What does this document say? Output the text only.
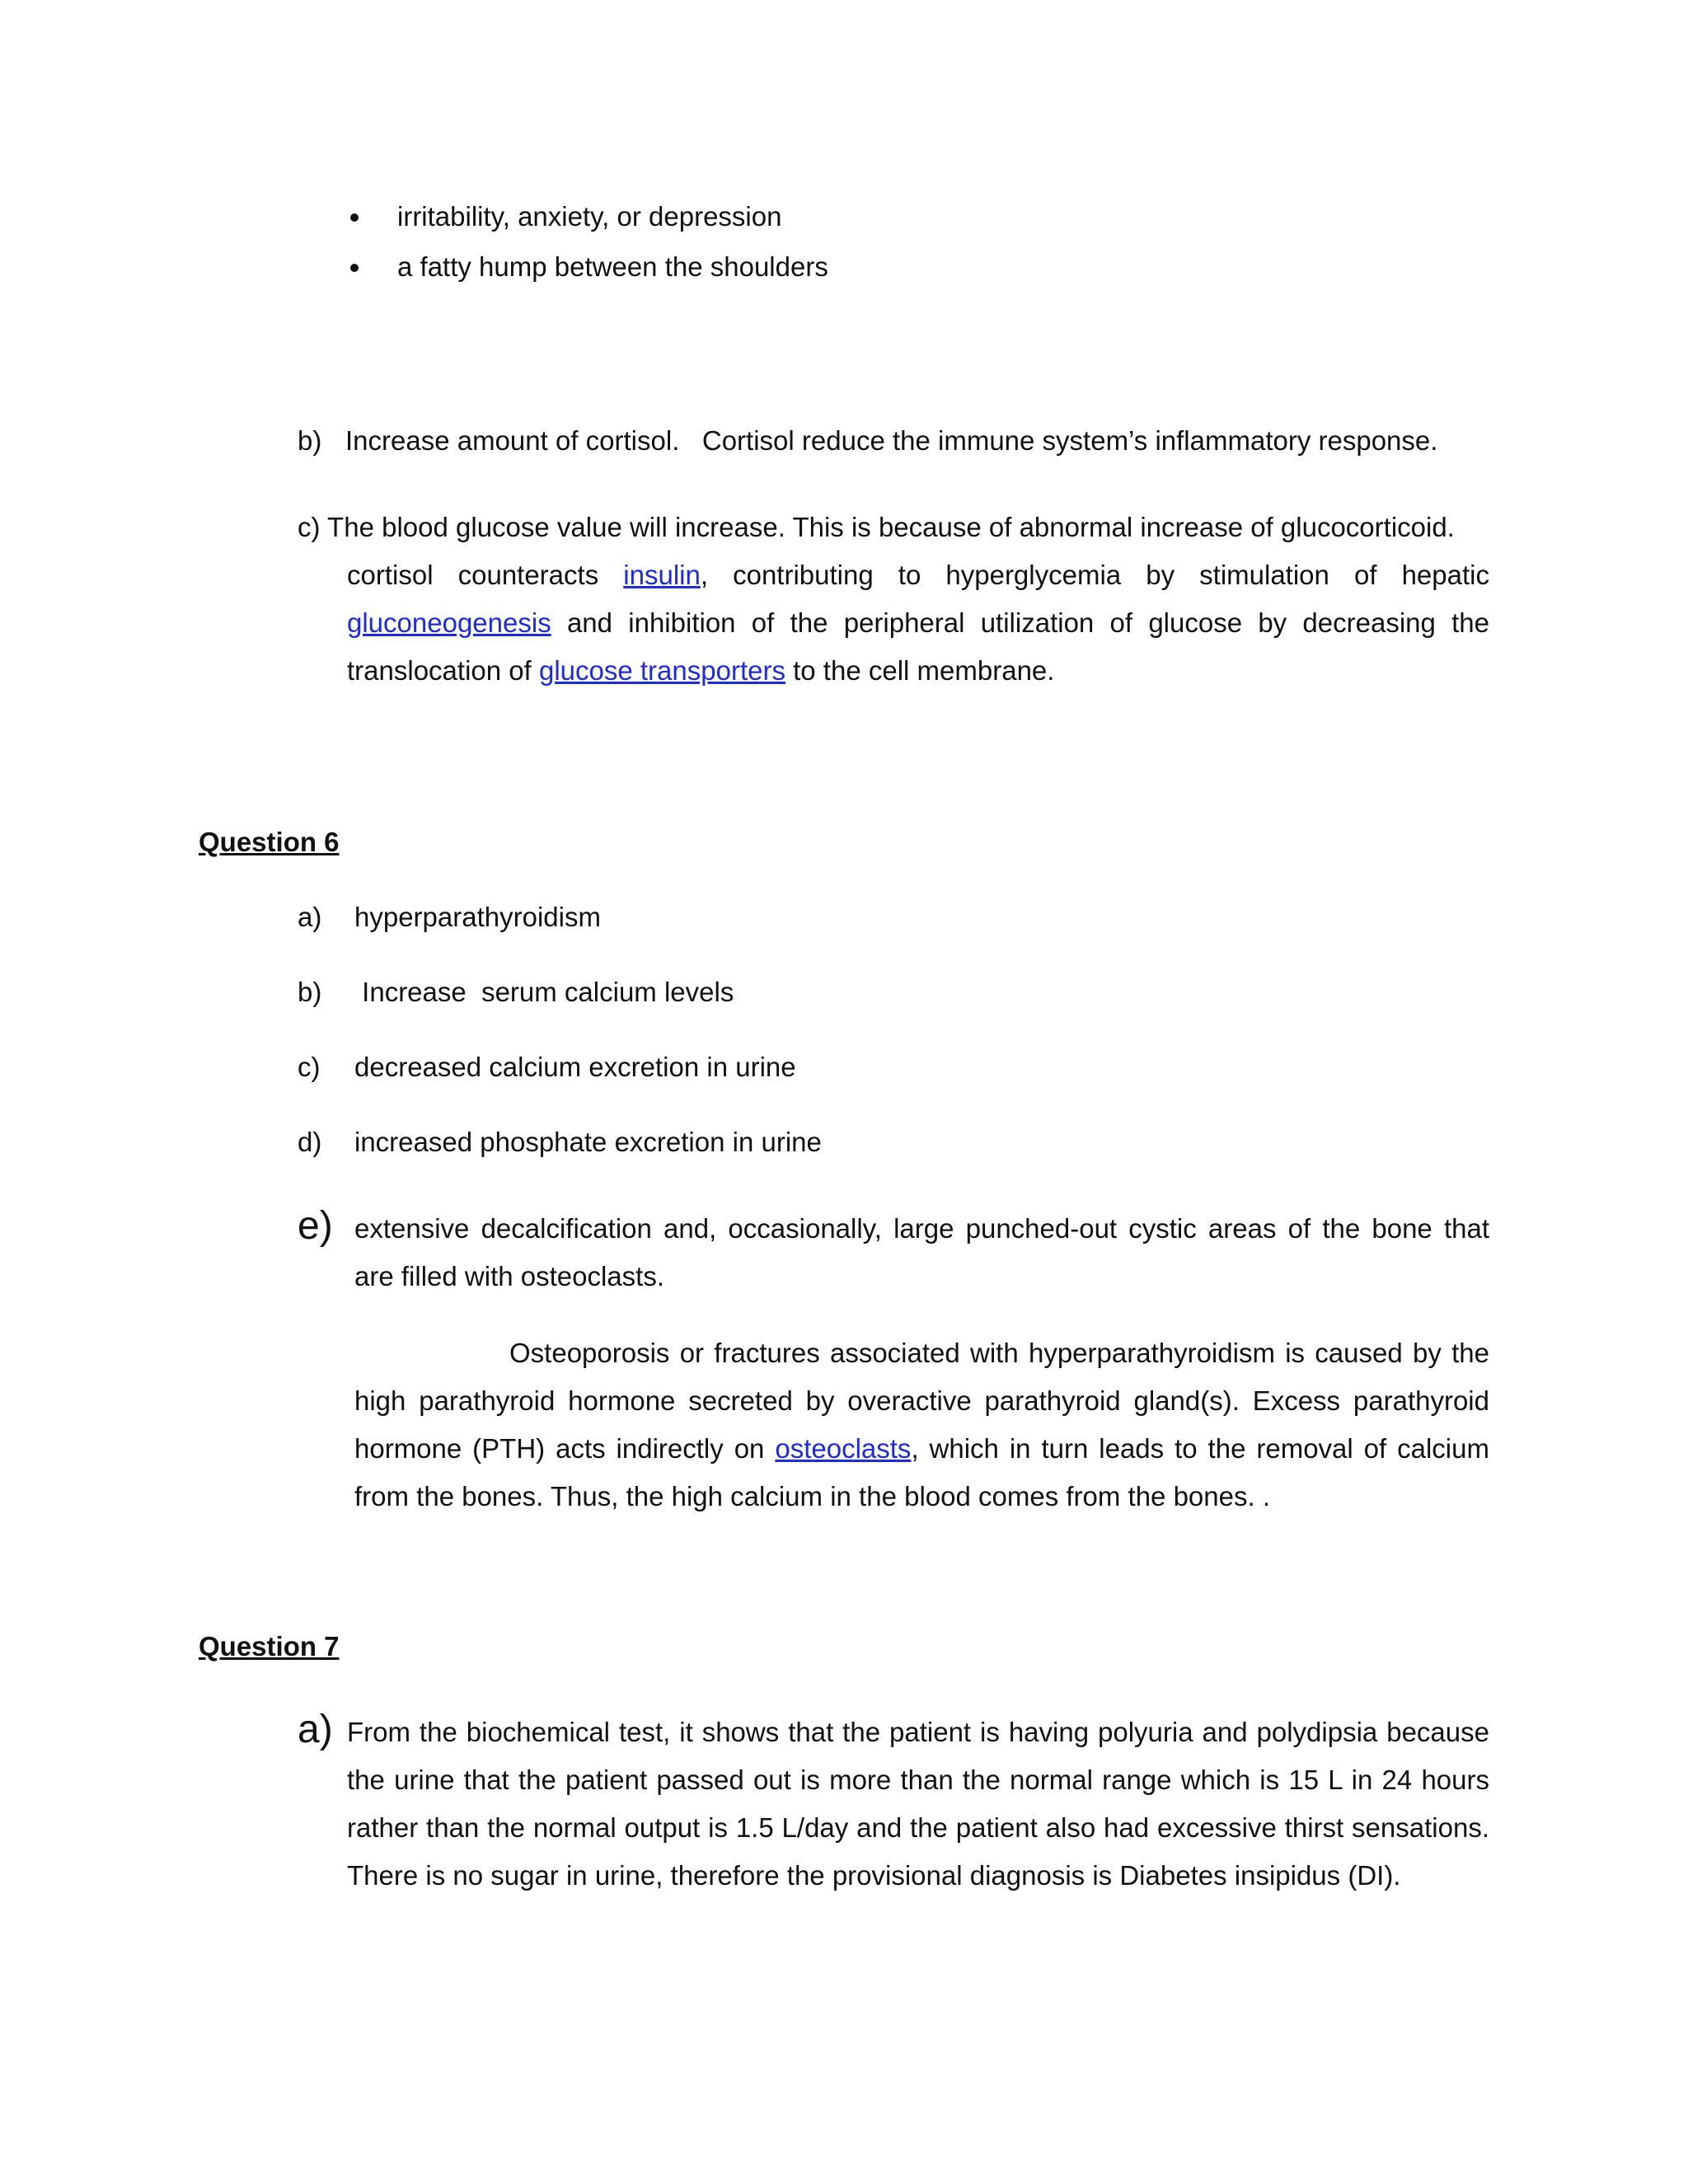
irritability, anxiety, or depression
a fatty hump between the shoulders
b) Increase amount of cortisol.   Cortisol reduce the immune system’s inflammatory response.
c) The blood glucose value will increase. This is because of abnormal increase of glucocorticoid.
cortisol counteracts insulin, contributing to hyperglycemia by stimulation of hepatic gluconeogenesis and inhibition of the peripheral utilization of glucose by decreasing the translocation of glucose transporters to the cell membrane.
Question 6
a) hyperparathyroidism
b) Increase  serum calcium levels
c) decreased calcium excretion in urine
d) increased phosphate excretion in urine
e) extensive decalcification and, occasionally, large punched-out cystic areas of the bone that are filled with osteoclasts.
Osteoporosis or fractures associated with hyperparathyroidism is caused by the high parathyroid hormone secreted by overactive parathyroid gland(s). Excess parathyroid hormone (PTH) acts indirectly on osteoclasts, which in turn leads to the removal of calcium from the bones. Thus, the high calcium in the blood comes from the bones. .
Question 7
a) From the biochemical test, it shows that the patient is having polyuria and polydipsia because the urine that the patient passed out is more than the normal range which is 15 L in 24 hours rather than the normal output is 1.5 L/day and the patient also had excessive thirst sensations. There is no sugar in urine, therefore the provisional diagnosis is Diabetes insipidus (DI).
